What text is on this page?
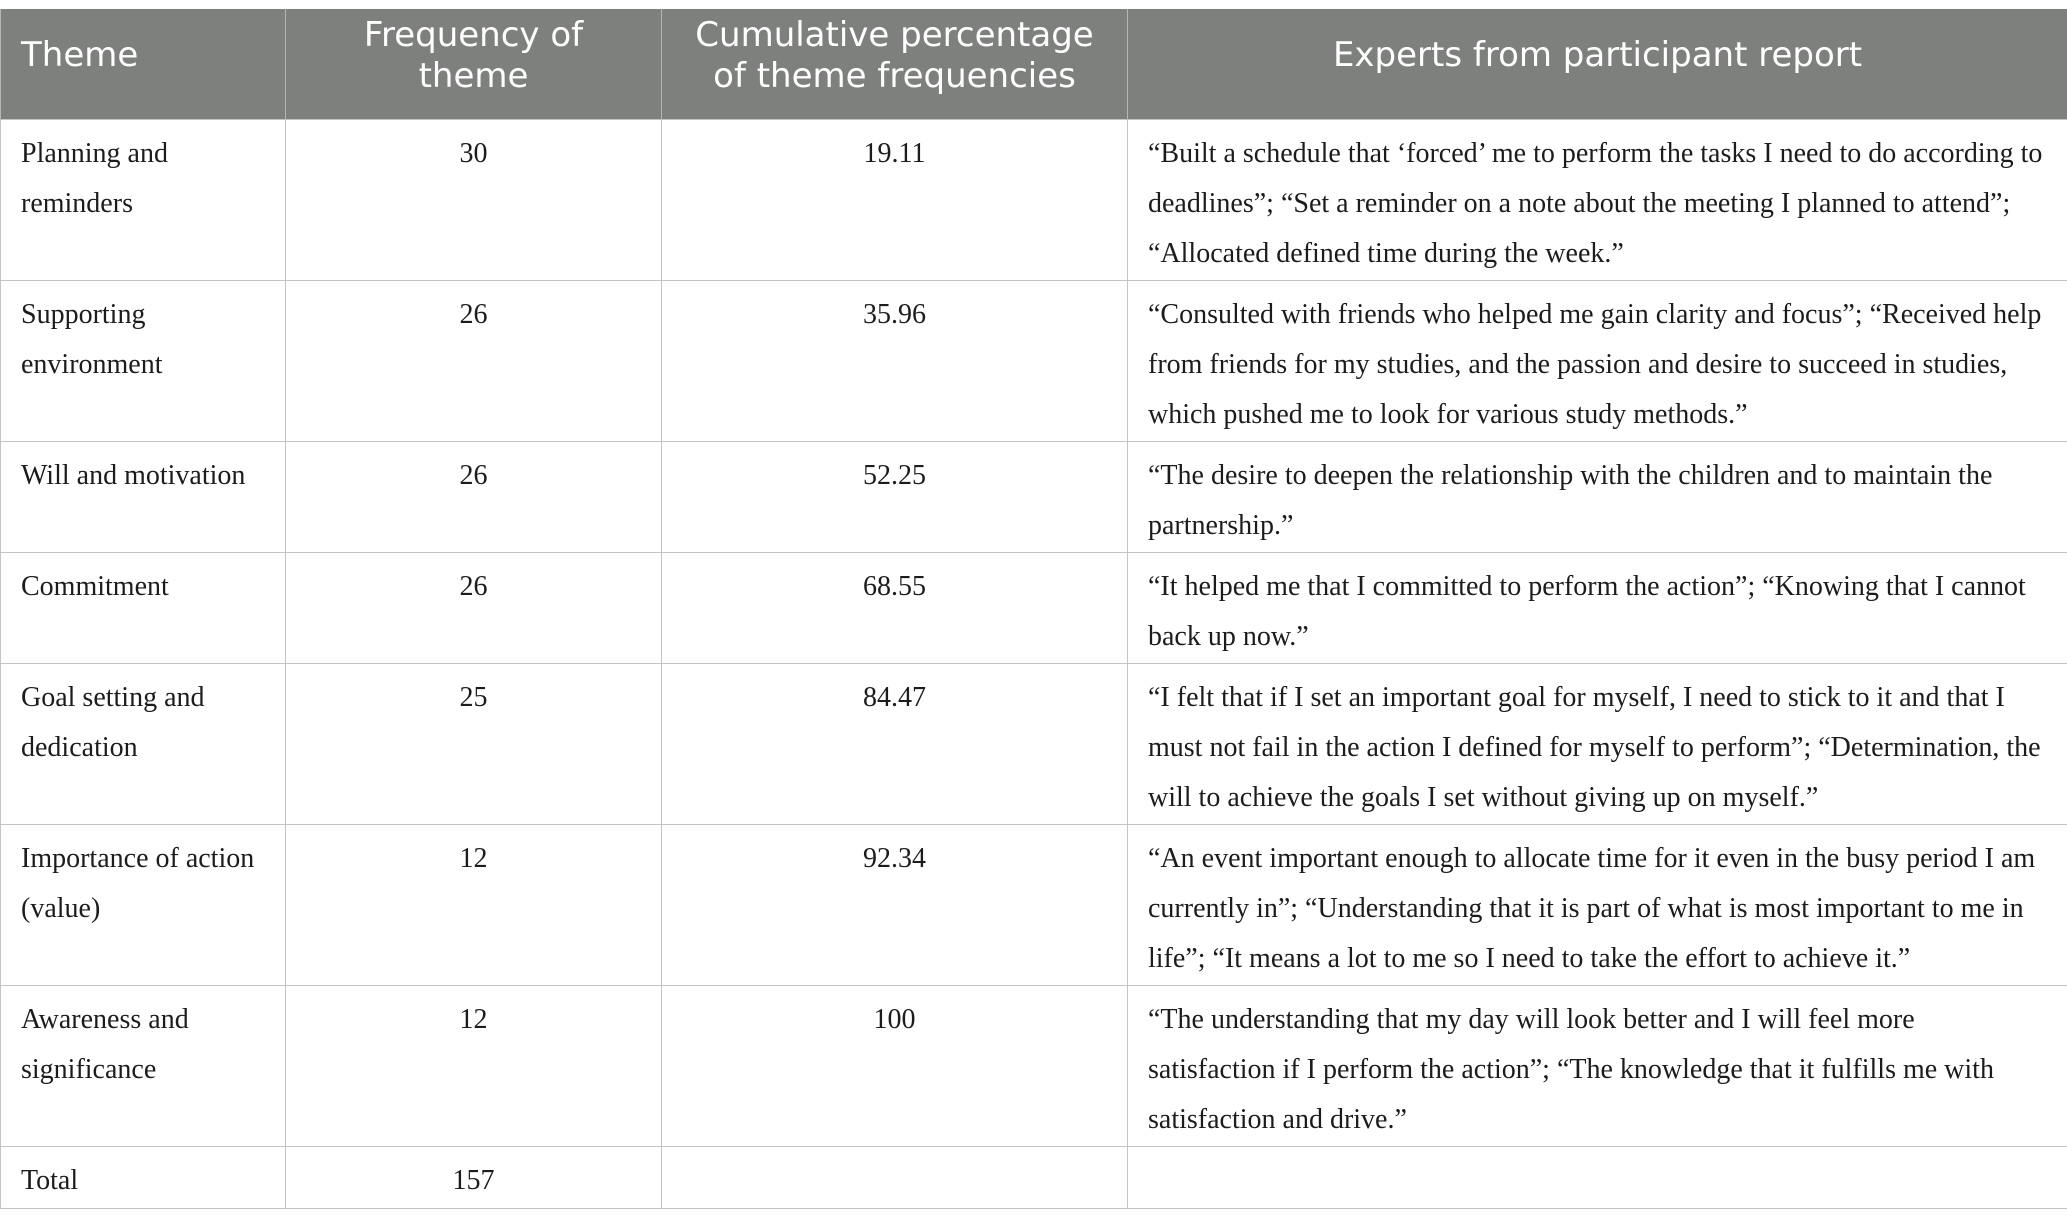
Theme	Frequency of theme	Cumulative percentage of theme frequencies	Experts from participant report

Planning and reminders	30	19.11	“Built a schedule that ‘forced’ me to perform the tasks I need to do according to deadlines”; “Set a reminder on a note about the meeting I planned to attend”; “Allocated defined time during the week.”
Supporting environment	26	35.96	“Consulted with friends who helped me gain clarity and focus”; “Received help from friends for my studies, and the passion and desire to succeed in studies, which pushed me to look for various study methods.”
Will and motivation	26	52.25	“The desire to deepen the relationship with the children and to maintain the partnership.”
Commitment	26	68.55	“It helped me that I committed to perform the action”; “Knowing that I cannot back up now.”
Goal setting and dedication	25	84.47	“I felt that if I set an important goal for myself, I need to stick to it and that I must not fail in the action I defined for myself to perform”; “Determination, the will to achieve the goals I set without giving up on myself.”
Importance of action (value)	12	92.34	“An event important enough to allocate time for it even in the busy period I am currently in”; “Understanding that it is part of what is most important to me in life”; “It means a lot to me so I need to take the effort to achieve it.”
Awareness and significance	12	100	“The understanding that my day will look better and I will feel more satisfaction if I perform the action”; “The knowledge that it fulfills me with satisfaction and drive.”
Total	157		
